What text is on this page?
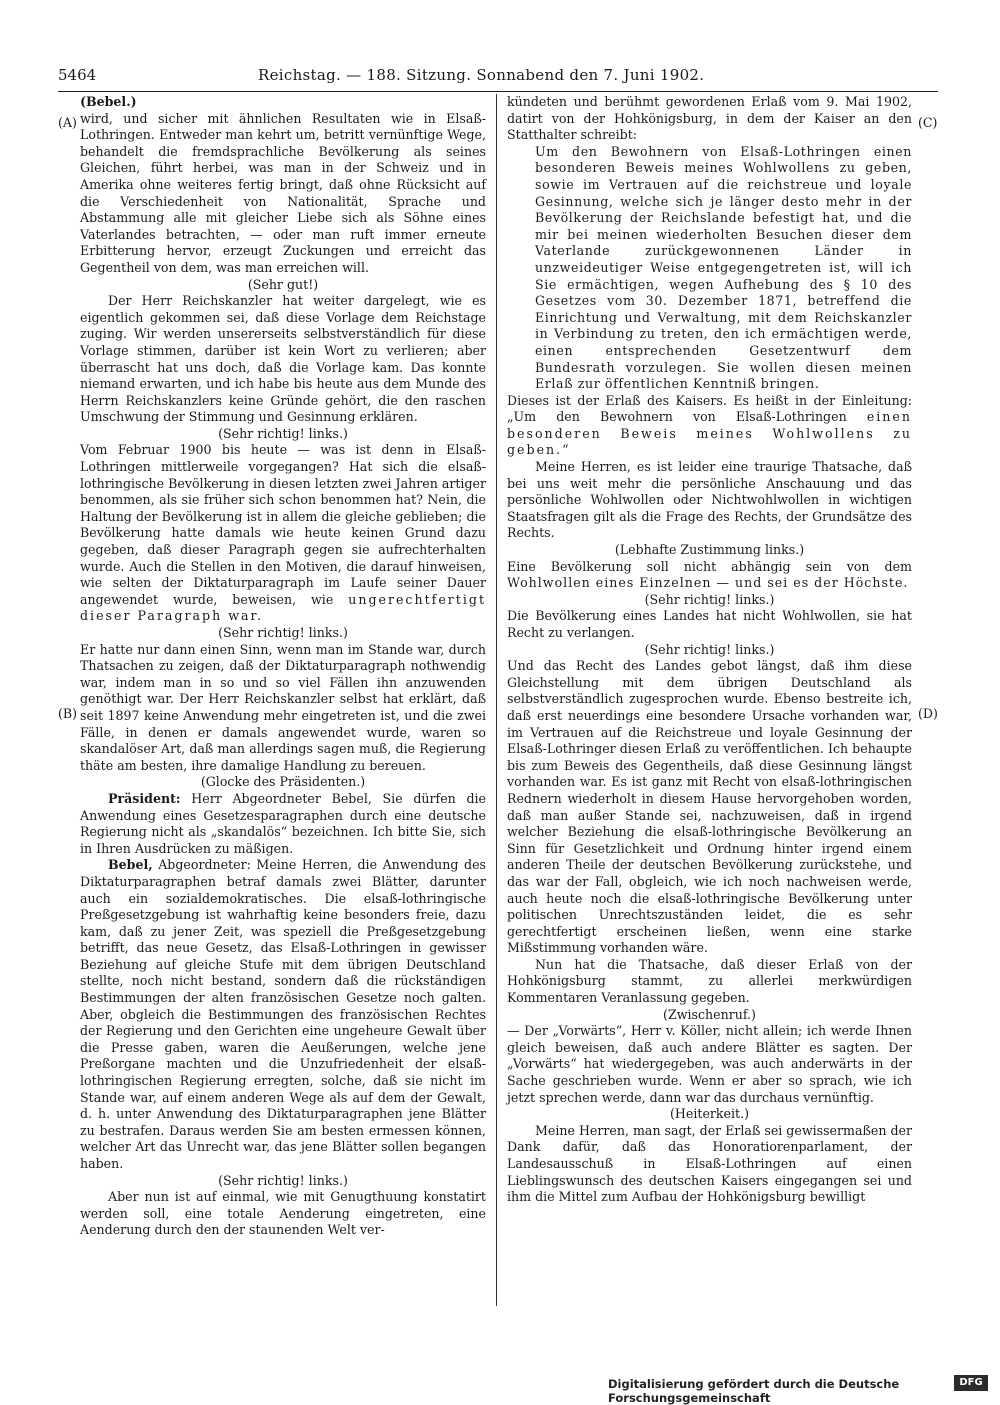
5464	Reichstag. — 188. Sitzung. Sonnabend den 7. Juni 1902.
(A)
(B)
(C)
(D)

(Bebel.)

wird, und sicher mit ähnlichen Resultaten wie in Elsaß-Lothringen. Entweder man kehrt um, betritt vernünftige Wege, behandelt die fremdsprachliche Bevölkerung als seines Gleichen, führt herbei, was man in der Schweiz und in Amerika ohne weiteres fertig bringt, daß ohne Rücksicht auf die Verschiedenheit von Nationalität, Sprache und Abstammung alle mit gleicher Liebe sich als Söhne eines Vaterlandes betrachten, — oder man ruft immer erneute Erbitterung hervor, erzeugt Zuckungen und erreicht das Gegentheil von dem, was man erreichen will.

(Sehr gut!)

Der Herr Reichskanzler hat weiter dargelegt, wie es eigentlich gekommen sei, daß diese Vorlage dem Reichstage zuging. Wir werden unsererseits selbstverständlich für diese Vorlage stimmen, darüber ist kein Wort zu verlieren; aber überrascht hat uns doch, daß die Vorlage kam. Das konnte niemand erwarten, und ich habe bis heute aus dem Munde des Herrn Reichskanzlers keine Gründe gehört, die den raschen Umschwung der Stimmung und Gesinnung erklären.

(Sehr richtig! links.)

Vom Februar 1900 bis heute — was ist denn in Elsaß-Lothringen mittlerweile vorgegangen? Hat sich die elsaß-lothringische Bevölkerung in diesen letzten zwei Jahren artiger benommen, als sie früher sich schon benommen hat? Nein, die Haltung der Bevölkerung ist in allem die gleiche geblieben; die Bevölkerung hatte damals wie heute keinen Grund dazu gegeben, daß dieser Paragraph gegen sie aufrechterhalten wurde. Auch die Stellen in den Motiven, die darauf hinweisen, wie selten der Diktaturparagraph im Laufe seiner Dauer angewendet wurde, beweisen, wie ungerechtfertigt dieser Paragraph war.

(Sehr richtig! links.)

Er hatte nur dann einen Sinn, wenn man im Stande war, durch Thatsachen zu zeigen, daß der Diktaturparagraph nothwendig war, indem man in so und so viel Fällen ihn anzuwenden genöthigt war. Der Herr Reichskanzler selbst hat erklärt, daß seit 1897 keine Anwendung mehr eingetreten ist, und die zwei Fälle, in denen er damals angewendet wurde, waren so skandalöser Art, daß man allerdings sagen muß, die Regierung thäte am besten, ihre damalige Handlung zu bereuen.

(Glocke des Präsidenten.)

Präsident: Herr Abgeordneter Bebel, Sie dürfen die Anwendung eines Gesetzesparagraphen durch eine deutsche Regierung nicht als „skandalös“ bezeichnen. Ich bitte Sie, sich in Ihren Ausdrücken zu mäßigen.

Bebel, Abgeordneter: Meine Herren, die Anwendung des Diktaturparagraphen betraf damals zwei Blätter, darunter auch ein sozialdemokratisches. Die elsaß-lothringische Preßgesetzgebung ist wahrhaftig keine besonders freie, dazu kam, daß zu jener Zeit, was speziell die Preßgesetzgebung betrifft, das neue Gesetz, das Elsaß-Lothringen in gewisser Beziehung auf gleiche Stufe mit dem übrigen Deutschland stellte, noch nicht bestand, sondern daß die rückständigen Bestimmungen der alten französischen Gesetze noch galten. Aber, obgleich die Bestimmungen des französischen Rechtes der Regierung und den Gerichten eine ungeheure Gewalt über die Presse gaben, waren die Aeußerungen, welche jene Preßorgane machten und die Unzufriedenheit der elsaß-lothringischen Regierung erregten, solche, daß sie nicht im Stande war, auf einem anderen Wege als auf dem der Gewalt, d. h. unter Anwendung des Diktaturparagraphen jene Blätter zu bestrafen. Daraus werden Sie am besten ermessen können, welcher Art das Unrecht war, das jene Blätter sollen begangen haben.

(Sehr richtig! links.)

Aber nun ist auf einmal, wie mit Genugthuung konstatirt werden soll, eine totale Aenderung eingetreten, eine Aenderung durch den der staunenden Welt ver-

kündeten und berühmt gewordenen Erlaß vom 9. Mai 1902, datirt von der Hohkönigsburg, in dem der Kaiser an den Statthalter schreibt:

Um den Bewohnern von Elsaß-Lothringen einen besonderen Beweis meines Wohlwollens zu geben, sowie im Vertrauen auf die reichstreue und loyale Gesinnung, welche sich je länger desto mehr in der Bevölkerung der Reichslande befestigt hat, und die mir bei meinen wiederholten Besuchen dieser dem Vaterlande zurückgewonnenen Länder in unzweideutiger Weise entgegengetreten ist, will ich Sie ermächtigen, wegen Aufhebung des § 10 des Gesetzes vom 30. Dezember 1871, betreffend die Einrichtung und Verwaltung, mit dem Reichskanzler in Verbindung zu treten, den ich ermächtigen werde, einen entsprechenden Gesetzentwurf dem Bundesrath vorzulegen. Sie wollen diesen meinen Erlaß zur öffentlichen Kenntniß bringen.

Dieses ist der Erlaß des Kaisers. Es heißt in der Einleitung: „Um den Bewohnern von Elsaß-Lothringen einen besonderen Beweis meines Wohlwollens zu geben.“

Meine Herren, es ist leider eine traurige Thatsache, daß bei uns weit mehr die persönliche Anschauung und das persönliche Wohlwollen oder Nichtwohlwollen in wichtigen Staatsfragen gilt als die Frage des Rechts, der Grundsätze des Rechts.

(Lebhafte Zustimmung links.)

Eine Bevölkerung soll nicht abhängig sein von dem Wohlwollen eines Einzelnen — und sei es der Höchste.

(Sehr richtig! links.)

Die Bevölkerung eines Landes hat nicht Wohlwollen, sie hat Recht zu verlangen.

(Sehr richtig! links.)

Und das Recht des Landes gebot längst, daß ihm diese Gleichstellung mit dem übrigen Deutschland als selbstverständlich zugesprochen wurde. Ebenso bestreite ich, daß erst neuerdings eine besondere Ursache vorhanden war, im Vertrauen auf die Reichstreue und loyale Gesinnung der Elsaß-Lothringer diesen Erlaß zu veröffentlichen. Ich behaupte bis zum Beweis des Gegentheils, daß diese Gesinnung längst vorhanden war. Es ist ganz mit Recht von elsaß-lothringischen Rednern wiederholt in diesem Hause hervorgehoben worden, daß man außer Stande sei, nachzuweisen, daß in irgend welcher Beziehung die elsaß-lothringische Bevölkerung an Sinn für Gesetzlichkeit und Ordnung hinter irgend einem anderen Theile der deutschen Bevölkerung zurückstehe, und das war der Fall, obgleich, wie ich noch nachweisen werde, auch heute noch die elsaß-lothringische Bevölkerung unter politischen Unrechtszuständen leidet, die es sehr gerechtfertigt erscheinen ließen, wenn eine starke Mißstimmung vorhanden wäre.

Nun hat die Thatsache, daß dieser Erlaß von der Hohkönigsburg stammt, zu allerlei merkwürdigen Kommentaren Veranlassung gegeben.

(Zwischenruf.)

— Der „Vorwärts“, Herr v. Köller, nicht allein; ich werde Ihnen gleich beweisen, daß auch andere Blätter es sagten. Der „Vorwärts“ hat wiedergegeben, was auch anderwärts in der Sache geschrieben wurde. Wenn er aber so sprach, wie ich jetzt sprechen werde, dann war das durchaus vernünftig.

(Heiterkeit.)

Meine Herren, man sagt, der Erlaß sei gewissermaßen der Dank dafür, daß das Honoratiorenparlament, der Landesausschuß in Elsaß-Lothringen auf einen Lieblingswunsch des deutschen Kaisers eingegangen sei und ihm die Mittel zum Aufbau der Hohkönigsburg bewilligt

Digitalisierung gefördert durch die Deutsche Forschungsgemeinschaft
DFG
